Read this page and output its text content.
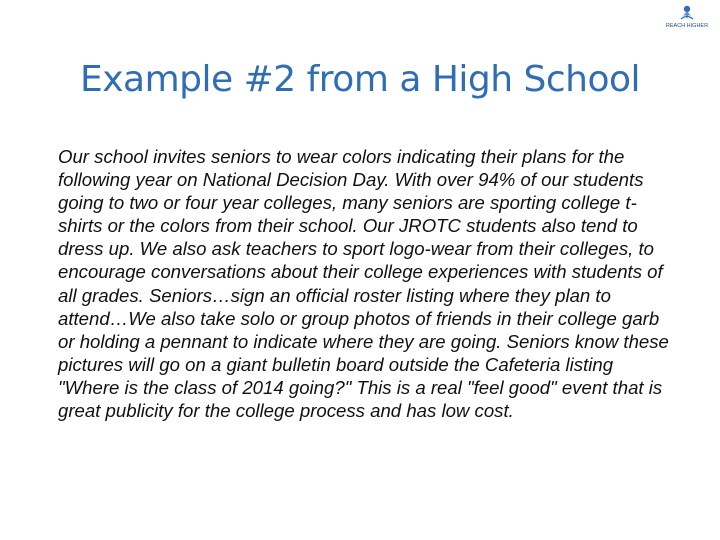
REACH HIGHER
Example #2 from a High School

Our school invites seniors to wear colors indicating their plans for the following year on National Decision Day. With over 94% of our students going to two or four year colleges, many seniors are sporting college t-shirts or the colors from their school. Our JROTC students also tend to dress up. We also ask teachers to sport logo-wear from their colleges, to encourage conversations about their college experiences with students of all grades. Seniors…sign an official roster listing where they plan to attend…We also take solo or group photos of friends in their college garb or holding a pennant to indicate where they are going. Seniors know these pictures will go on a giant bulletin board outside the Cafeteria listing "Where is the class of 2014 going?" This is a real "feel good" event that is great publicity for the college process and has low cost.
